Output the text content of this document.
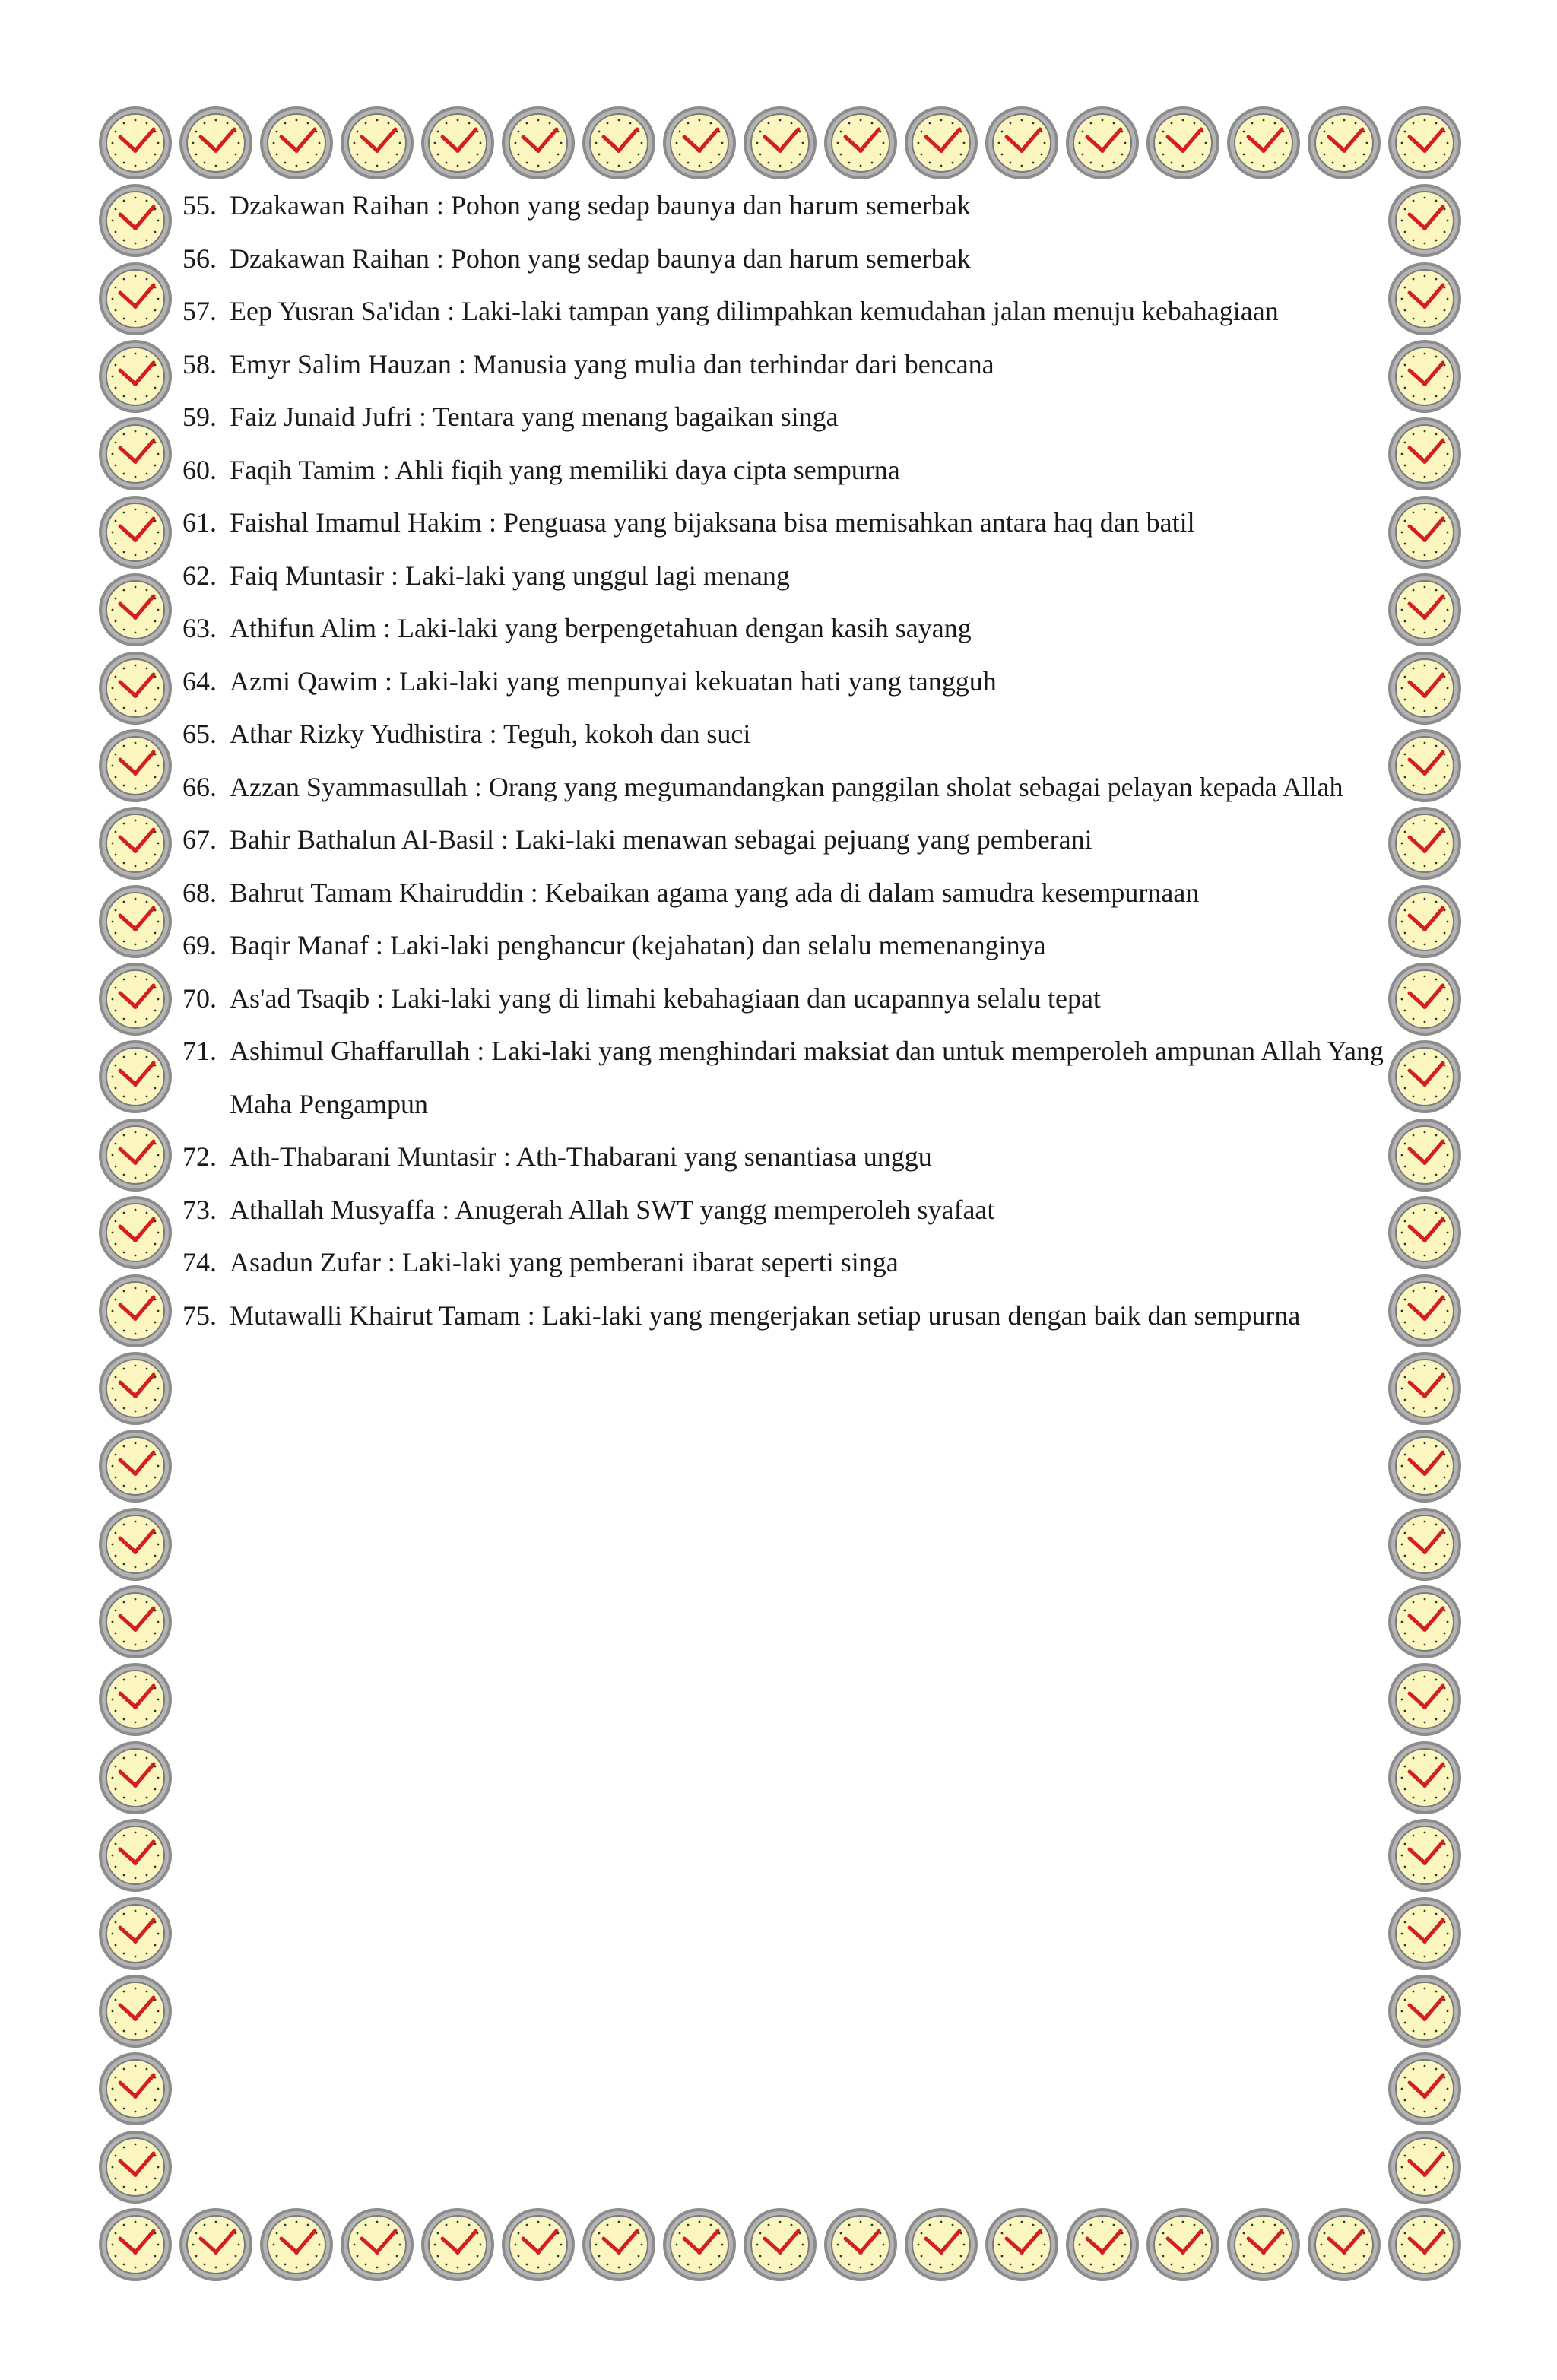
55. Dzakawan Raihan : Pohon yang sedap baunya dan harum semerbak
56. Dzakawan Raihan : Pohon yang sedap baunya dan harum semerbak
57. Eep Yusran Sa'idan : Laki-laki tampan yang dilimpahkan kemudahan jalan menuju kebahagiaan
58. Emyr Salim Hauzan : Manusia yang mulia dan terhindar dari bencana
59. Faiz Junaid Jufri : Tentara yang menang bagaikan singa
60. Faqih Tamim : Ahli fiqih yang memiliki daya cipta sempurna
61. Faishal Imamul Hakim : Penguasa yang bijaksana bisa memisahkan antara haq dan batil
62. Faiq Muntasir : Laki-laki yang unggul lagi menang
63. Athifun Alim : Laki-laki yang berpengetahuan dengan kasih sayang
64. Azmi Qawim : Laki-laki yang menpunyai kekuatan hati yang tangguh
65. Athar Rizky Yudhistira : Teguh, kokoh dan suci
66. Azzan Syammasullah : Orang yang megumandangkan panggilan sholat sebagai pelayan kepada Allah
67. Bahir Bathalun Al-Basil : Laki-laki menawan sebagai pejuang yang pemberani
68. Bahrut Tamam Khairuddin : Kebaikan agama yang ada di dalam samudra kesempurnaan
69. Baqir Manaf : Laki-laki penghancur (kejahatan) dan selalu memenanginya
70. As'ad Tsaqib : Laki-laki yang di limahi kebahagiaan dan ucapannya selalu tepat
71. Ashimul Ghaffarullah : Laki-laki yang menghindari maksiat dan untuk memperoleh ampunan Allah Yang Maha Pengampun
72. Ath-Thabarani Muntasir : Ath-Thabarani yang senantiasa unggu
73. Athallah Musyaffa : Anugerah Allah SWT yangg memperoleh syafaat
74. Asadun Zufar : Laki-laki yang pemberani ibarat seperti singa
75. Mutawalli Khairut Tamam : Laki-laki yang mengerjakan setiap urusan dengan baik dan sempurna
